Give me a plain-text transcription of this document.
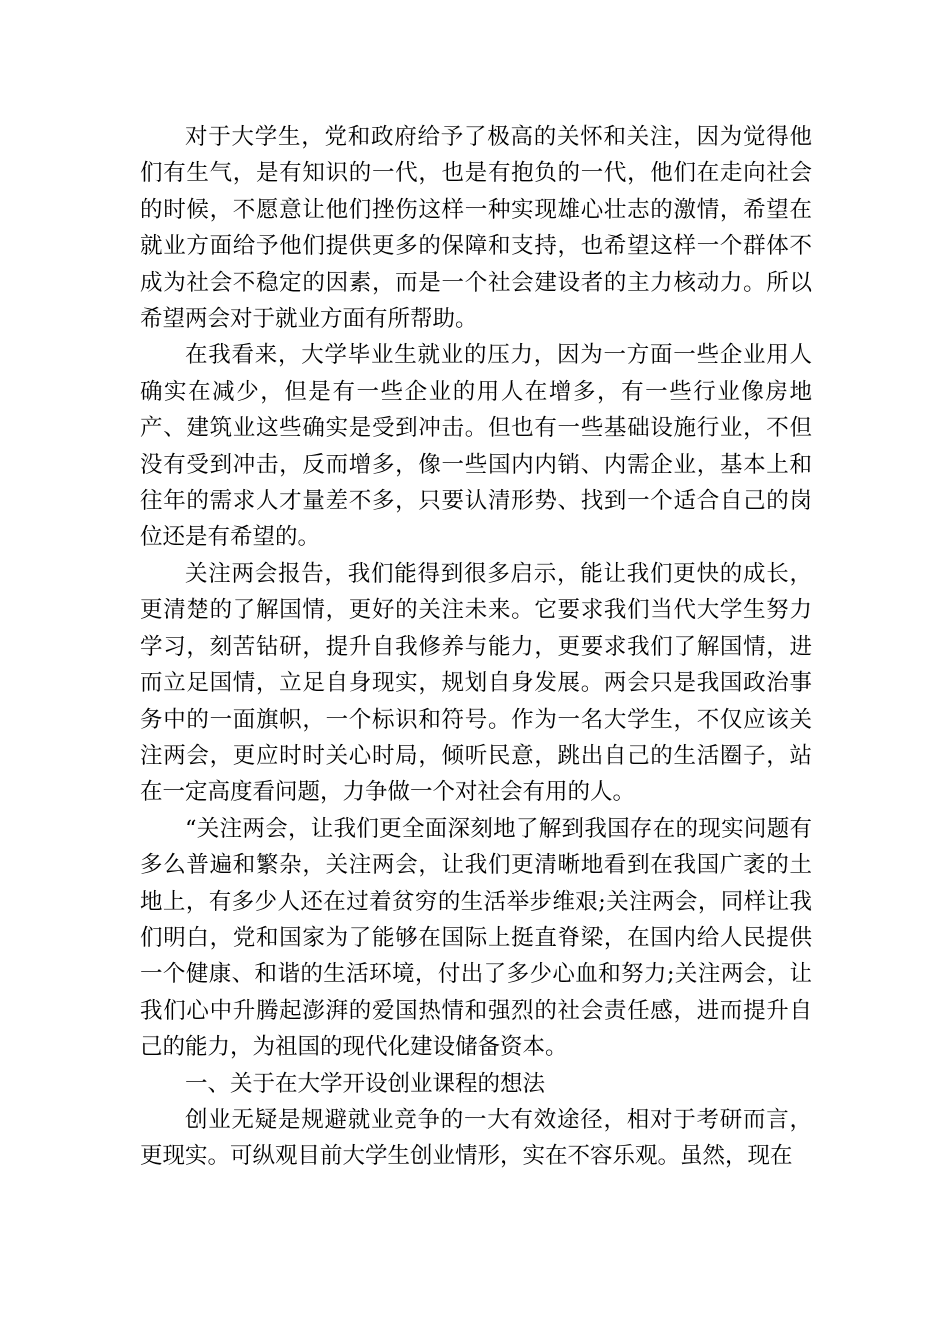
对于大学生，党和政府给予了极高的关怀和关注，因为觉得他们有生气，是有知识的一代，也是有抱负的一代，他们在走向社会的时候，不愿意让他们挫伤这样一种实现雄心壮志的激情，希望在就业方面给予他们提供更多的保障和支持，也希望这样一个群体不成为社会不稳定的因素，而是一个社会建设者的主力核动力。所以希望两会对于就业方面有所帮助。

在我看来，大学毕业生就业的压力，因为一方面一些企业用人确实在减少，但是有一些企业的用人在增多，有一些行业像房地产、建筑业这些确实是受到冲击。但也有一些基础设施行业，不但没有受到冲击，反而增多，像一些国内内销、内需企业，基本上和往年的需求人才量差不多，只要认清形势、找到一个适合自己的岗位还是有希望的。

关注两会报告，我们能得到很多启示，能让我们更快的成长，更清楚的了解国情，更好的关注未来。它要求我们当代大学生努力学习，刻苦钻研，提升自我修养与能力，更要求我们了解国情，进而立足国情，立足自身现实，规划自身发展。两会只是我国政治事务中的一面旗帜，一个标识和符号。作为一名大学生，不仅应该关注两会，更应时时关心时局，倾听民意，跳出自己的生活圈子，站在一定高度看问题，力争做一个对社会有用的人。

“关注两会，让我们更全面深刻地了解到我国存在的现实问题有多么普遍和繁杂，关注两会，让我们更清晰地看到在我国广袤的土地上，有多少人还在过着贫穷的生活举步维艰;关注两会，同样让我们明白，党和国家为了能够在国际上挺直脊梁，在国内给人民提供一个健康、和谐的生活环境，付出了多少心血和努力;关注两会，让我们心中升腾起澎湃的爱国热情和强烈的社会责任感，进而提升自己的能力，为祖国的现代化建设储备资本。

一、关于在大学开设创业课程的想法

创业无疑是规避就业竞争的一大有效途径，相对于考研而言，更现实。可纵观目前大学生创业情形，实在不容乐观。虽然，现在
